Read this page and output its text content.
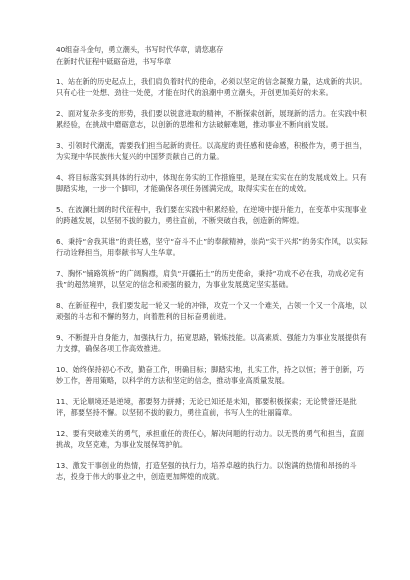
40组奋斗金句，勇立潮头，书写时代华章，请您惠存

在新时代征程中砥砺奋进，书写华章

1、站在新的历史起点上，我们肩负着时代的使命，必须以坚定的信念凝聚力量，达成新的共识。只有心往一处想、劲往一处使，才能在时代的浪潮中勇立潮头，开创更加美好的未来。

2、面对复杂多变的形势，我们要以锐意进取的精神，不断探索创新，展现新的活力。在实践中积累经验，在挑战中磨砺意志，以创新的思维和方法破解难题，推动事业不断向前发展。

3、引领时代潮流，需要我们担当起新的责任。以高度的责任感和使命感，积极作为，勇于担当，为实现中华民族伟大复兴的中国梦贡献自己的力量。

4、将目标落实到具体的行动中，体现在务实的工作措施里，是现在实实在在的发展成效上。只有脚踏实地，一步一个脚印，才能确保各项任务圆满完成，取得实实在在的成效。

5、在波澜壮阔的时代征程中，我们要在实践中积累经验，在逆境中提升能力，在变革中实现事业的跨越发展，以坚韧不拔的毅力，勇往直前，不断突破自我，创造新的辉煌。

6、秉持“舍我其谁”的责任感，坚守“奋斗不止”的奉献精神，崇尚“实干兴邦”的务实作风，以实际行动诠释担当，用奉献书写人生华章。

7、胸怀“铺路筑桥”的广阔胸襟，肩负“开疆拓土”的历史使命，秉持“功成不必在我，功成必定有我”的超然境界，以坚定的信念和顽强的毅力，为事业发展奠定坚实基础。

8、在新征程中，我们要发起一轮又一轮的冲锋，攻克一个又一个难关，占领一个又一个高地，以顽强的斗志和不懈的努力，向着胜利的目标奋勇前进。

9、不断提升自身能力，加强执行力，拓宽思路，锻炼技能。以高素质、强能力为事业发展提供有力支撑，确保各项工作高效推进。

10、始终保持初心不改，勤奋工作，明确目标；脚踏实地，扎实工作，持之以恒；善于创新，巧妙工作，善用策略，以科学的方法和坚定的信念，推动事业高质量发展。

11、无论顺境还是逆境，都要努力拼搏；无论已知还是未知，都要积极探索；无论赞誉还是批评，都要坚持不懈。以坚韧不拔的毅力，勇往直前，书写人生的壮丽篇章。

12、要有突破难关的勇气，承担重任的责任心，解决问题的行动力。以无畏的勇气和担当，直面挑战，攻坚克难，为事业发展保驾护航。

13、激发干事创业的热情，打造坚强的执行力，培养卓越的执行力。以饱满的热情和昂扬的斗志，投身于伟大的事业之中，创造更加辉煌的成就。
